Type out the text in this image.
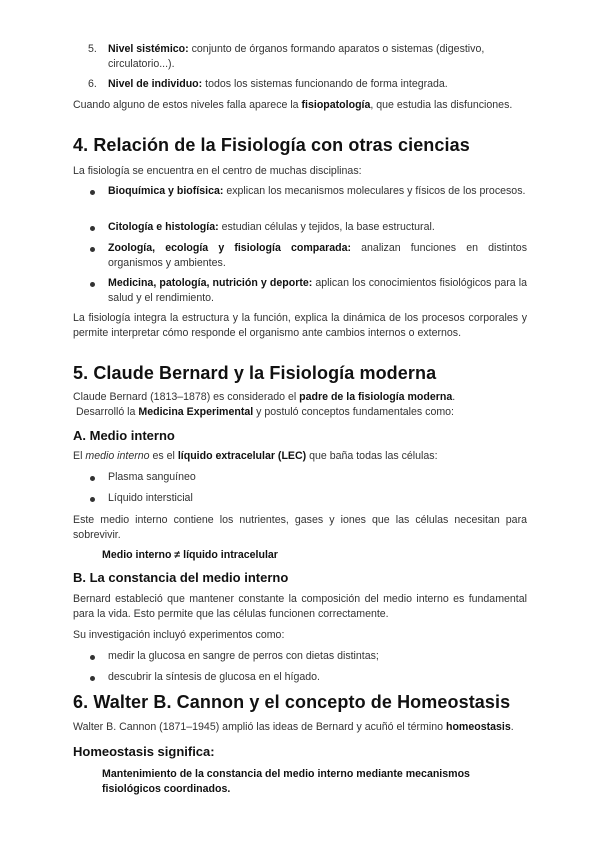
5.	Nivel sistémico: conjunto de órganos formando aparatos o sistemas (digestivo, circulatorio...).
6.	Nivel de individuo: todos los sistemas funcionando de forma integrada.

Cuando alguno de estos niveles falla aparece la fisiopatología, que estudia las disfunciones.

4. Relación de la Fisiología con otras ciencias

La fisiología se encuentra en el centro de muchas disciplinas:

Bioquímica y biofísica: explican los mecanismos moleculares y físicos de los procesos.
Citología e histología: estudian células y tejidos, la base estructural.
Zoología, ecología y fisiología comparada: analizan funciones en distintos organismos y ambientes.
Medicina, patología, nutrición y deporte: aplican los conocimientos fisiológicos para la salud y el rendimiento.

La fisiología integra la estructura y la función, explica la dinámica de los procesos corporales y permite interpretar cómo responde el organismo ante cambios internos o externos.

5. Claude Bernard y la Fisiología moderna

Claude Bernard (1813–1878) es considerado el padre de la fisiología moderna.
Desarrolló la Medicina Experimental y postuló conceptos fundamentales como:

A. Medio interno

El medio interno es el líquido extracelular (LEC) que baña todas las células:

Plasma sanguíneo
Líquido intersticial

Este medio interno contiene los nutrientes, gases y iones que las células necesitan para sobrevivir.

Medio interno ≠ líquido intracelular
B. La constancia del medio interno

Bernard estableció que mantener constante la composición del medio interno es fundamental para la vida. Esto permite que las células funcionen correctamente.

Su investigación incluyó experimentos como:

medir la glucosa en sangre de perros con dietas distintas;
descubrir la síntesis de glucosa en el hígado.
6. Walter B. Cannon y el concepto de Homeostasis

Walter B. Cannon (1871–1945) amplió las ideas de Bernard y acuñó el término homeostasis.

Homeostasis significa:
Mantenimiento de la constancia del medio interno mediante mecanismos fisiológicos coordinados.
